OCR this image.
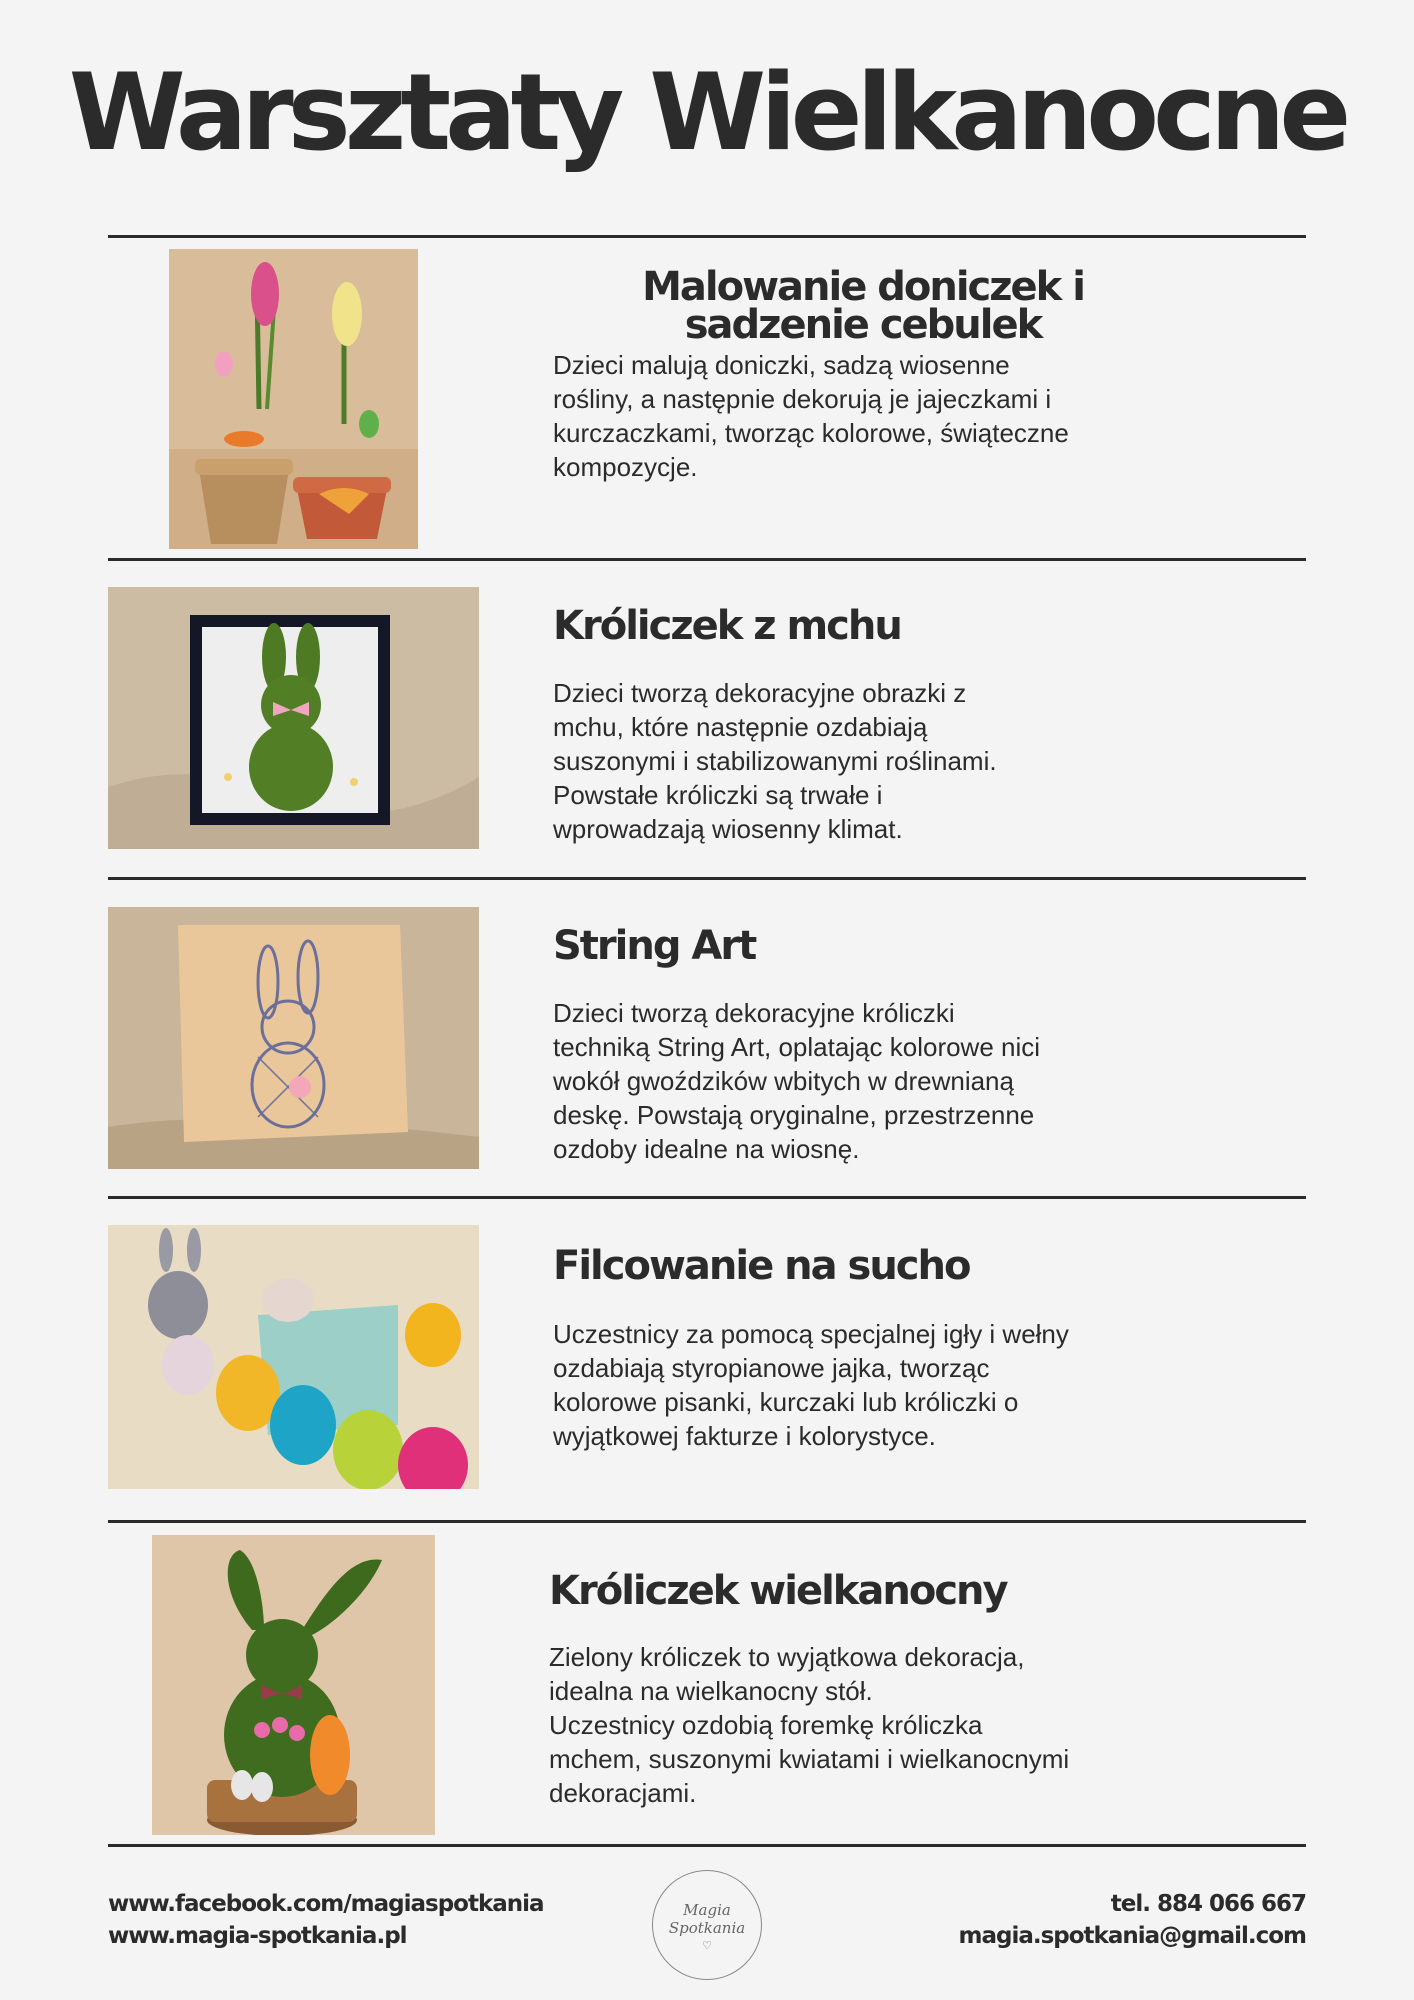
Warsztaty Wielkanocne
Malowanie doniczek i sadzenie cebulek
Dzieci malują doniczki, sadzą wiosenne
rośliny, a następnie dekorują je jajeczkami i
kurczaczkami, tworząc kolorowe, świąteczne
kompozycje.
Króliczek z mchu
Dzieci tworzą dekoracyjne obrazki z
mchu, które następnie ozdabiają
suszonymi i stabilizowanymi roślinami.
Powstałe króliczki są trwałe i
wprowadzają wiosenny klimat.
String Art
Dzieci tworzą dekoracyjne króliczki
techniką String Art, oplatając kolorowe nici
wokół gwoździków wbitych w drewnianą
deskę. Powstają oryginalne, przestrzenne
ozdoby idealne na wiosnę.
Filcowanie na sucho
Uczestnicy za pomocą specjalnej igły i wełny
ozdabiają styropianowe jajka, tworząc
kolorowe pisanki, kurczaki lub króliczki o
wyjątkowej fakturze i kolorystyce.
Króliczek wielkanocny
Zielony króliczek to wyjątkowa dekoracja,
idealna na wielkanocny stół.
Uczestnicy ozdobią foremkę króliczka
mchem, suszonymi kwiatami i wielkanocnymi
dekoracjami.
www.facebook.com/magiaspotkania
www.magia-spotkania.pl
Magia
Spotkania
♡
tel. 884 066 667
magia.spotkania@gmail.com
